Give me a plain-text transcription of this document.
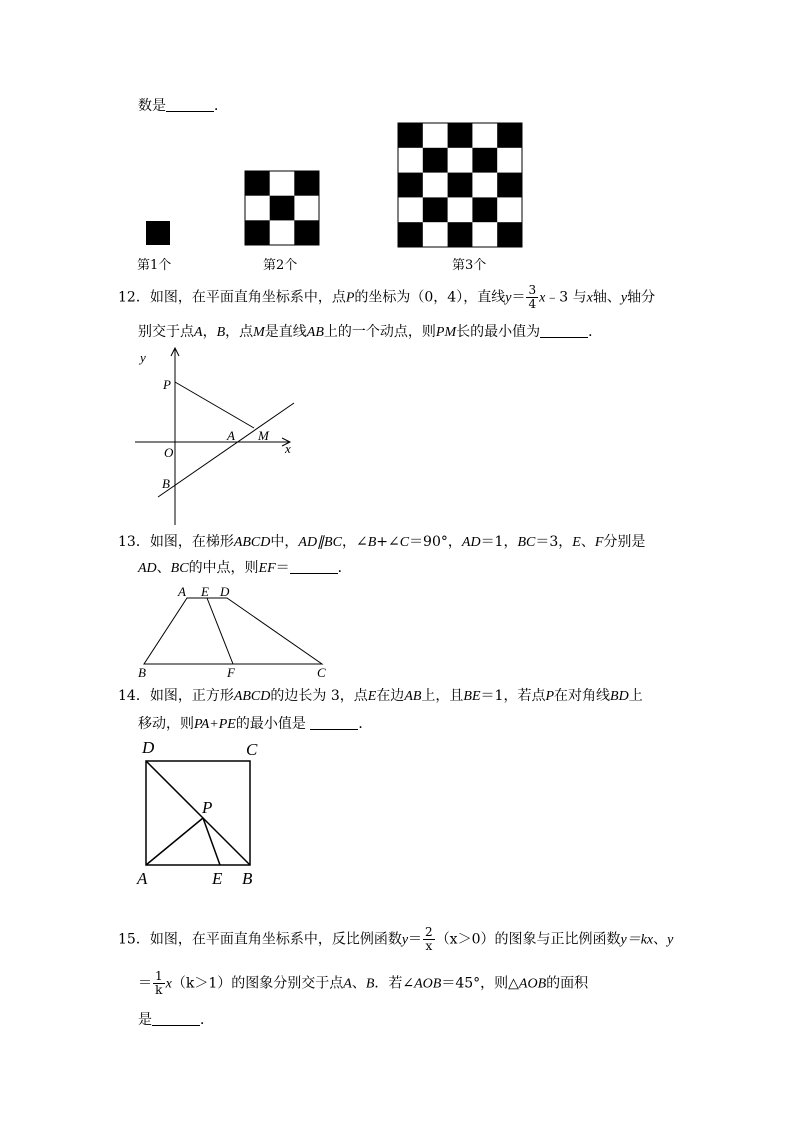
数是	．
第1个	第2个	第3个
12．如图，在平面直角坐标系中，点P的坐标为（0，4），直线$y= \frac{3}{4}$ x﹣3 与x轴、y轴分
别交于点A，B，点M是直线AB上的一个动点，则PM长的最小值为	．
y
x
P
O
A M
B
13．如图，在梯形ABCD中，AD∥BC，∠B+∠C＝90°，AD＝1，BC＝3，E、F分别是
AD、BC的中点，则EF＝	．
A E D
B	F	C
14．如图，正方形ABCD的边长为 3，点E在边AB上，且BE＝1，若点P在对角线BD上
移动，则PA+PE的最小值是	．
D	C
P
A	E B
15．如图，在平面直角坐标系中，反比例函数$y= \frac{2}{x} (x>0)$的图象与正比例函数y＝kx、y
＝ $\frac{1}{k} x(k>1)$的图象分别交于点A、B．若∠AOB＝45°，则△AOB的面积
是	．
